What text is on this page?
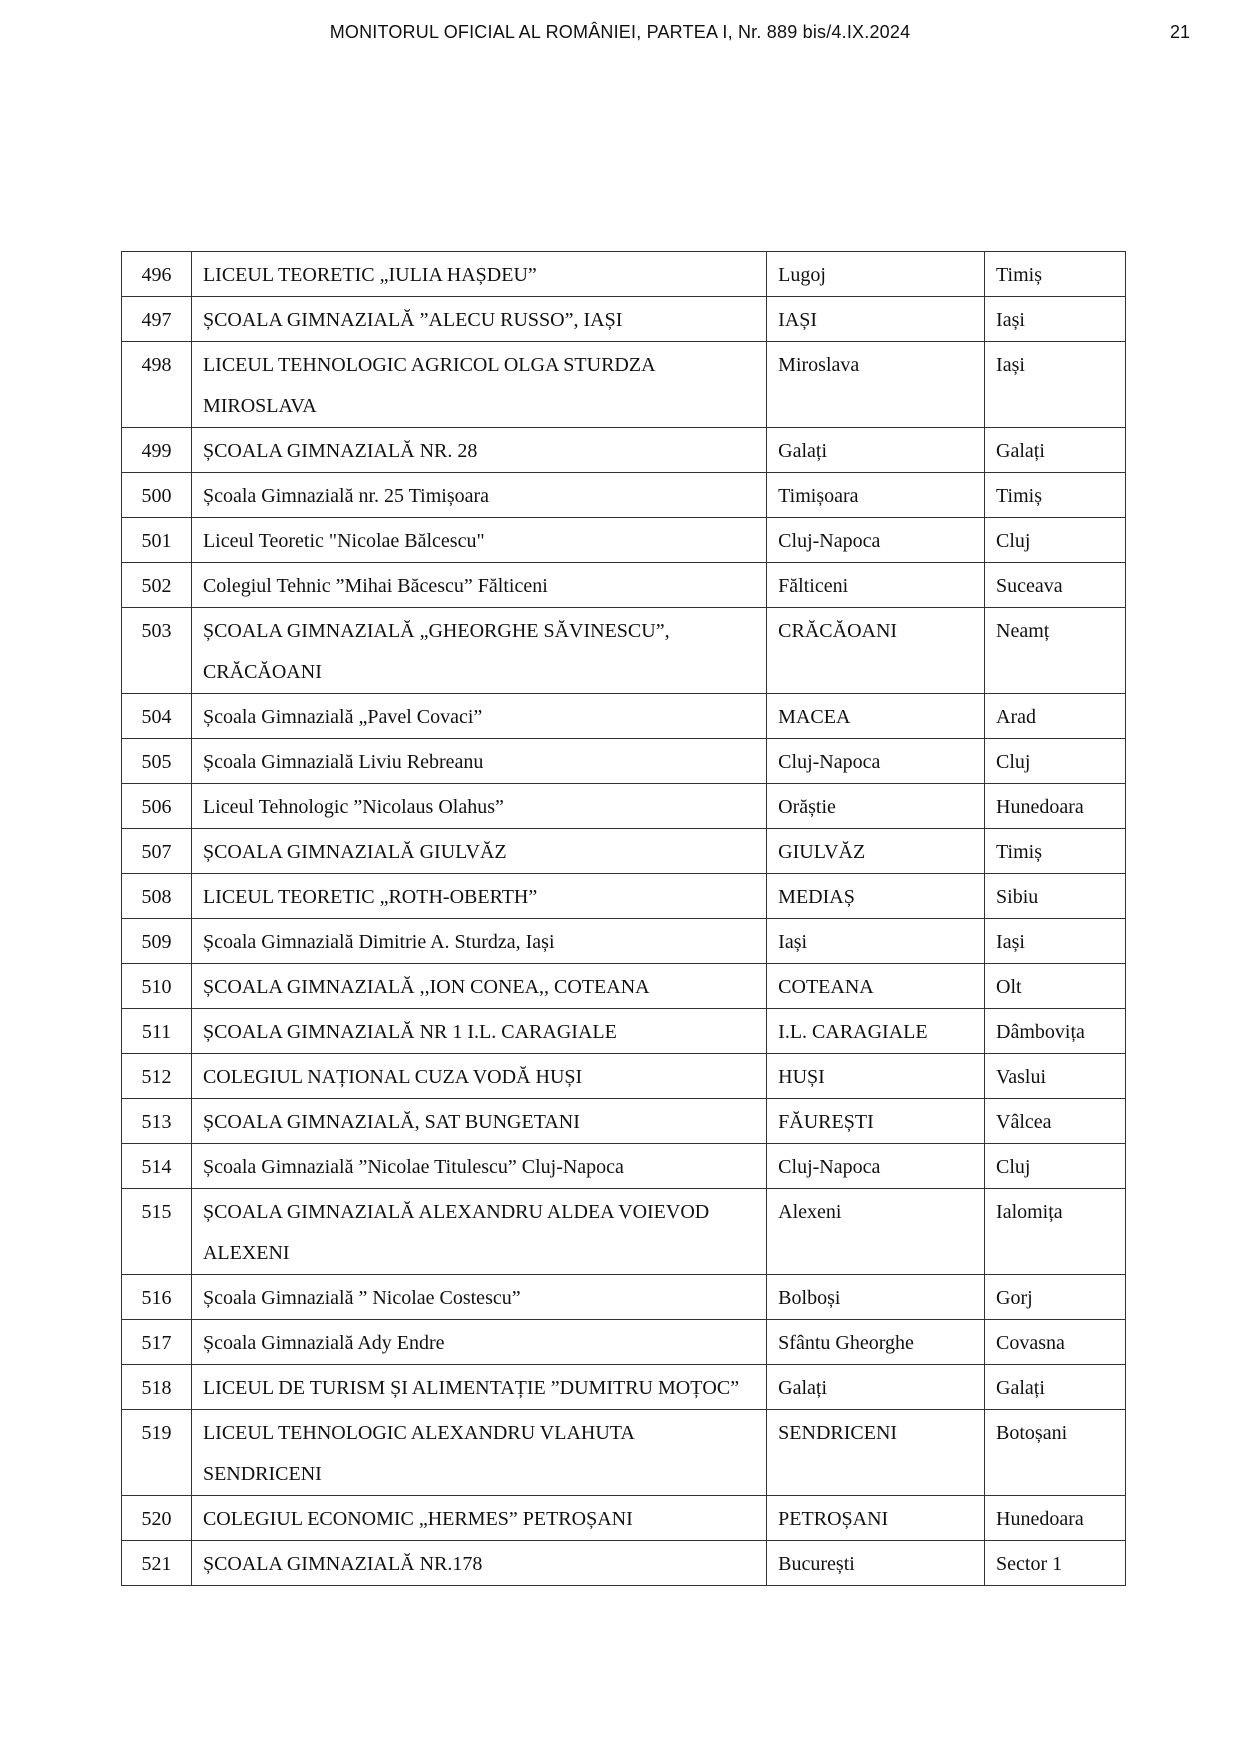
MONITORUL OFICIAL AL ROMÂNIEI, PARTEA I, Nr. 889 bis/4.IX.2024	21
496	LICEUL TEORETIC „IULIA HAȘDEU”	Lugoj	Timiș
497	ȘCOALA GIMNAZIALĂ ”ALECU RUSSO”, IAȘI	IAȘI	Iași
498	LICEUL TEHNOLOGIC AGRICOL OLGA STURDZA MIROSLAVA	Miroslava	Iași
499	ȘCOALA GIMNAZIALĂ NR. 28	Galați	Galați
500	Școala Gimnazială nr. 25 Timișoara	Timișoara	Timiș
501	Liceul Teoretic "Nicolae Bălcescu"	Cluj-Napoca	Cluj
502	Colegiul Tehnic ”Mihai Băcescu” Fălticeni	Fălticeni	Suceava
503	ȘCOALA GIMNAZIALĂ „GHEORGHE SĂVINESCU”, CRĂCĂOANI	CRĂCĂOANI	Neamț
504	Școala Gimnazială „Pavel Covaci”	MACEA	Arad
505	Școala Gimnazială Liviu Rebreanu	Cluj-Napoca	Cluj
506	Liceul Tehnologic ”Nicolaus Olahus”	Orăștie	Hunedoara
507	ȘCOALA GIMNAZIALĂ GIULVĂZ	GIULVĂZ	Timiș
508	LICEUL TEORETIC „ROTH-OBERTH”	MEDIAȘ	Sibiu
509	Școala Gimnazială Dimitrie A. Sturdza, Iași	Iași	Iași
510	ȘCOALA GIMNAZIALĂ ,,ION CONEA,, COTEANA	COTEANA	Olt
511	ȘCOALA GIMNAZIALĂ NR 1 I.L. CARAGIALE	I.L. CARAGIALE	Dâmbovița
512	COLEGIUL NAȚIONAL CUZA VODĂ HUȘI	HUȘI	Vaslui
513	ȘCOALA GIMNAZIALĂ, SAT BUNGETANI	FĂUREȘTI	Vâlcea
514	Școala Gimnazială ”Nicolae Titulescu” Cluj-Napoca	Cluj-Napoca	Cluj
515	ȘCOALA GIMNAZIALĂ ALEXANDRU ALDEA VOIEVOD ALEXENI	Alexeni	Ialomița
516	Școala Gimnazială ” Nicolae Costescu”	Bolboși	Gorj
517	Școala Gimnazială Ady Endre	Sfântu Gheorghe	Covasna
518	LICEUL DE TURISM ȘI ALIMENTAȚIE ”DUMITRU MOȚOC”	Galați	Galați
519	LICEUL TEHNOLOGIC ALEXANDRU VLAHUTA SENDRICENI	SENDRICENI	Botoșani
520	COLEGIUL ECONOMIC „HERMES” PETROȘANI	PETROȘANI	Hunedoara
521	ȘCOALA GIMNAZIALĂ NR.178	București	Sector 1
